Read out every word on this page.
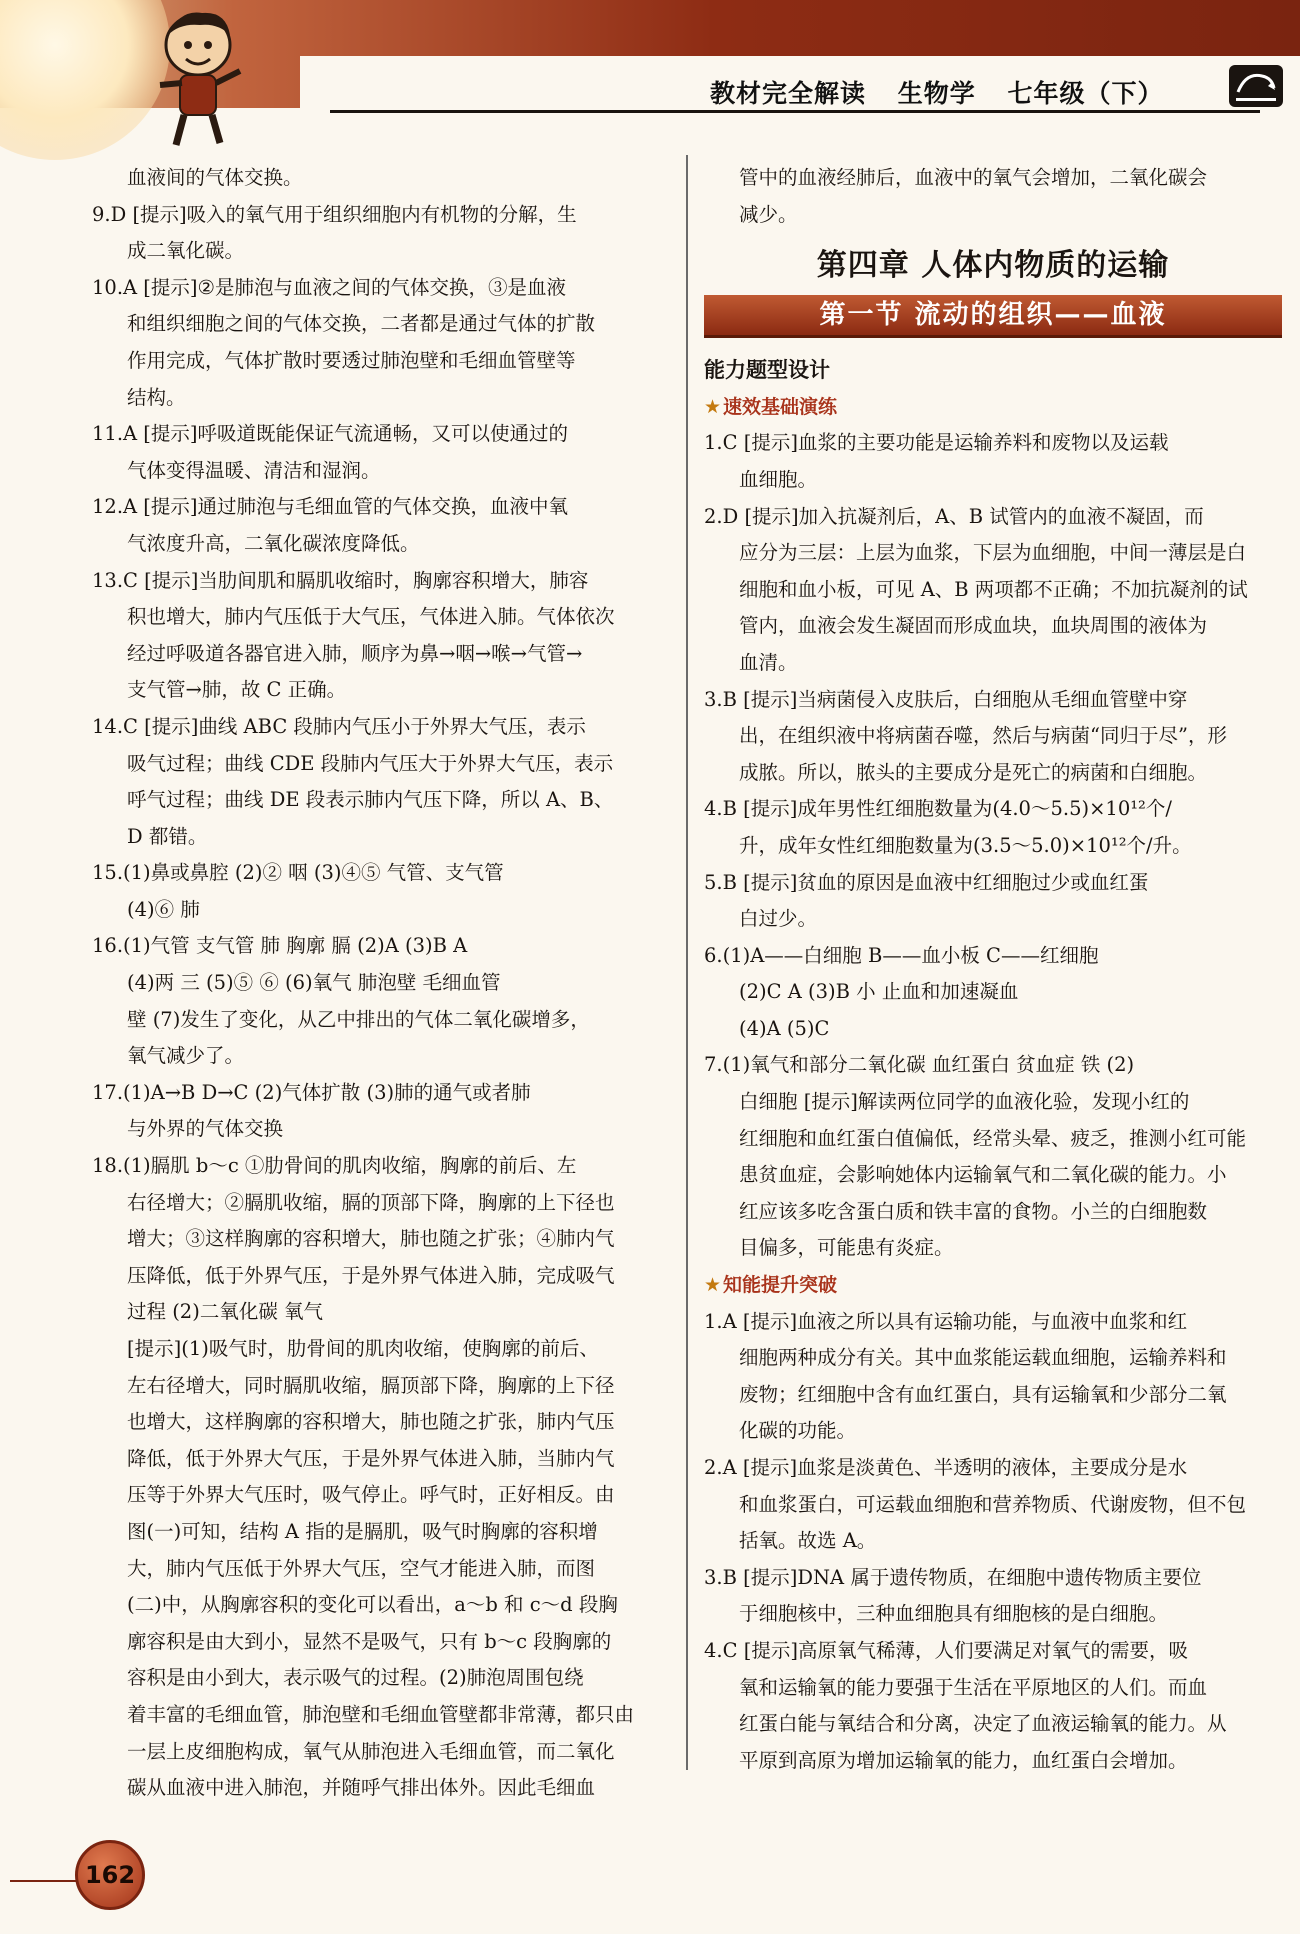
教材完全解读 生物学 七年级（下）
血液间的气体交换。
9.D [提示]吸入的氧气用于组织细胞内有机物的分解，生
成二氧化碳。
10.A [提示]②是肺泡与血液之间的气体交换，③是血液
和组织细胞之间的气体交换，二者都是通过气体的扩散
作用完成，气体扩散时要透过肺泡壁和毛细血管壁等
结构。
11.A [提示]呼吸道既能保证气流通畅，又可以使通过的
气体变得温暖、清洁和湿润。
12.A [提示]通过肺泡与毛细血管的气体交换，血液中氧
气浓度升高，二氧化碳浓度降低。
13.C [提示]当肋间肌和膈肌收缩时，胸廓容积增大，肺容
积也增大，肺内气压低于大气压，气体进入肺。气体依次
经过呼吸道各器官进入肺，顺序为鼻→咽→喉→气管→
支气管→肺，故 C 正确。
14.C [提示]曲线 ABC 段肺内气压小于外界大气压，表示
吸气过程；曲线 CDE 段肺内气压大于外界大气压，表示
呼气过程；曲线 DE 段表示肺内气压下降，所以 A、B、
D 都错。
15.(1)鼻或鼻腔 (2)② 咽 (3)④⑤ 气管、支气管
(4)⑥ 肺
16.(1)气管 支气管 肺 胸廓 膈 (2)A (3)B A
(4)两 三 (5)⑤ ⑥ (6)氧气 肺泡壁 毛细血管
壁 (7)发生了变化，从乙中排出的气体二氧化碳增多，
氧气减少了。
17.(1)A→B D→C (2)气体扩散 (3)肺的通气或者肺
与外界的气体交换
18.(1)膈肌 b～c ①肋骨间的肌肉收缩，胸廓的前后、左
右径增大；②膈肌收缩，膈的顶部下降，胸廓的上下径也
增大；③这样胸廓的容积增大，肺也随之扩张；④肺内气
压降低，低于外界气压，于是外界气体进入肺，完成吸气
过程 (2)二氧化碳 氧气
[提示](1)吸气时，肋骨间的肌肉收缩，使胸廓的前后、
左右径增大，同时膈肌收缩，膈顶部下降，胸廓的上下径
也增大，这样胸廓的容积增大，肺也随之扩张，肺内气压
降低，低于外界大气压，于是外界气体进入肺，当肺内气
压等于外界大气压时，吸气停止。呼气时，正好相反。由
图(一)可知，结构 A 指的是膈肌，吸气时胸廓的容积增
大，肺内气压低于外界大气压，空气才能进入肺，而图
(二)中，从胸廓容积的变化可以看出，a～b 和 c～d 段胸
廓容积是由大到小，显然不是吸气，只有 b～c 段胸廓的
容积是由小到大，表示吸气的过程。(2)肺泡周围包绕
着丰富的毛细血管，肺泡壁和毛细血管壁都非常薄，都只由
一层上皮细胞构成，氧气从肺泡进入毛细血管，而二氧化
碳从血液中进入肺泡，并随呼气排出体外。因此毛细血
管中的血液经肺后，血液中的氧气会增加，二氧化碳会
减少。
第四章 人体内物质的运输
第一节 流动的组织——血液
能力题型设计
★ 速效基础演练
1.C [提示]血浆的主要功能是运输养料和废物以及运载
血细胞。
2.D [提示]加入抗凝剂后，A、B 试管内的血液不凝固，而
应分为三层：上层为血浆，下层为血细胞，中间一薄层是白
细胞和血小板，可见 A、B 两项都不正确；不加抗凝剂的试
管内，血液会发生凝固而形成血块，血块周围的液体为
血清。
3.B [提示]当病菌侵入皮肤后，白细胞从毛细血管壁中穿
出，在组织液中将病菌吞噬，然后与病菌“同归于尽”，形
成脓。所以，脓头的主要成分是死亡的病菌和白细胞。
4.B [提示]成年男性红细胞数量为(4.0～5.5)×10¹²个/
升，成年女性红细胞数量为(3.5～5.0)×10¹²个/升。
5.B [提示]贫血的原因是血液中红细胞过少或血红蛋
白过少。
6.(1)A——白细胞 B——血小板 C——红细胞
(2)C A (3)B 小 止血和加速凝血
(4)A (5)C
7.(1)氧气和部分二氧化碳 血红蛋白 贫血症 铁 (2)
白细胞 [提示]解读两位同学的血液化验，发现小红的
红细胞和血红蛋白值偏低，经常头晕、疲乏，推测小红可能
患贫血症，会影响她体内运输氧气和二氧化碳的能力。小
红应该多吃含蛋白质和铁丰富的食物。小兰的白细胞数
目偏多，可能患有炎症。
★ 知能提升突破
1.A [提示]血液之所以具有运输功能，与血液中血浆和红
细胞两种成分有关。其中血浆能运载血细胞，运输养料和
废物；红细胞中含有血红蛋白，具有运输氧和少部分二氧
化碳的功能。
2.A [提示]血浆是淡黄色、半透明的液体，主要成分是水
和血浆蛋白，可运载血细胞和营养物质、代谢废物，但不包
括氧。故选 A。
3.B [提示]DNA 属于遗传物质，在细胞中遗传物质主要位
于细胞核中，三种血细胞具有细胞核的是白细胞。
4.C [提示]高原氧气稀薄，人们要满足对氧气的需要，吸
氧和运输氧的能力要强于生活在平原地区的人们。而血
红蛋白能与氧结合和分离，决定了血液运输氧的能力。从
平原到高原为增加运输氧的能力，血红蛋白会增加。
162
